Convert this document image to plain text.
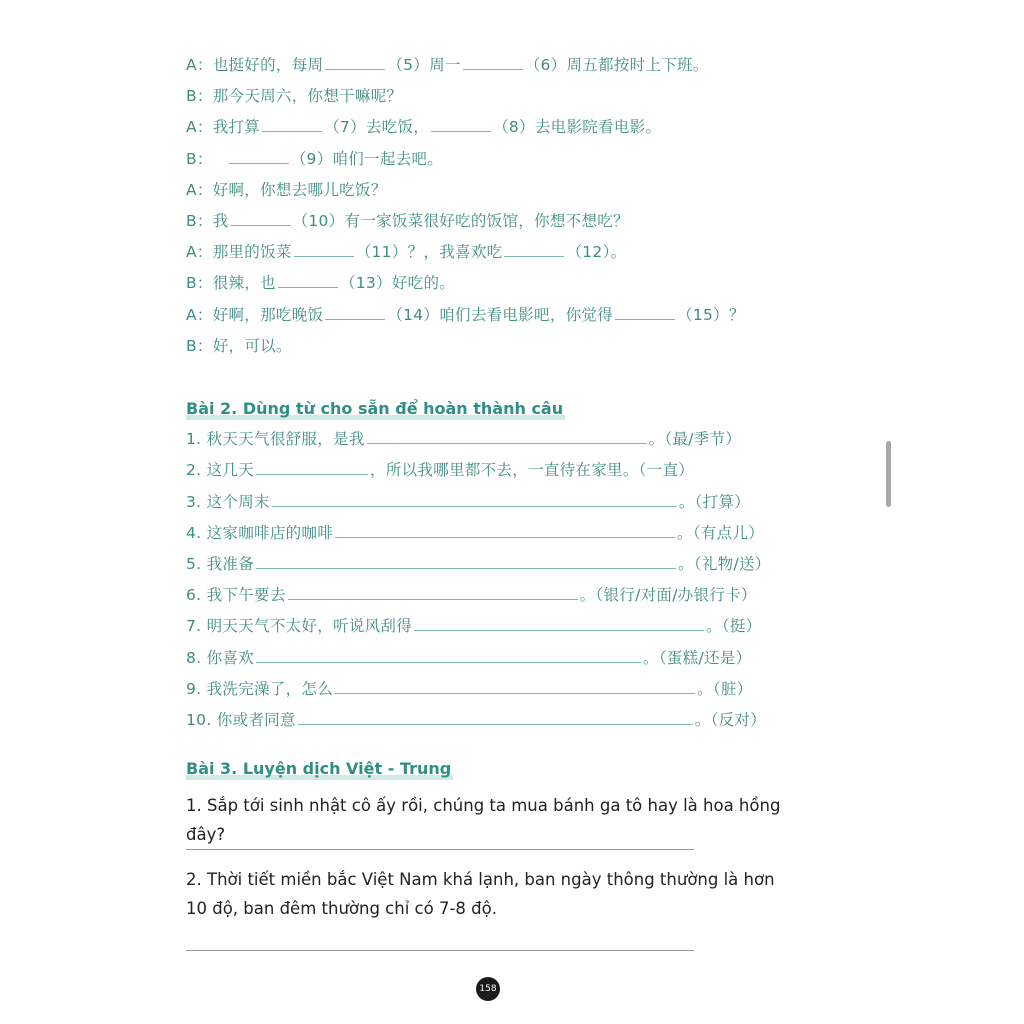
A：也挺好的，每周	（5）周一	（6）周五都按时上下班。
B：那今天周六，你想干嘛呢？
A：我打算	（7）去吃饭，	（8）去电影院看电影。
B：	（9）咱们一起去吧。
A：好啊，你想去哪儿吃饭？
B：我	（10）有一家饭菜很好吃的饭馆，你想不想吃？
A：那里的饭菜	（11）？，我喜欢吃	（12）。
B：很辣，也	（13）好吃的。
A：好啊，那吃晚饭	（14）咱们去看电影吧，你觉得	（15）？
B：好，可以。
Bài 2. Dùng từ cho sẵn để hoàn thành câu
1. 秋天天气很舒服，是我	。（最/季节）
2. 这几天	，所以我哪里都不去，一直待在家里。（一直）
3. 这个周末	。（打算）
4. 这家咖啡店的咖啡	。（有点儿）
5. 我准备	。（礼物/送）
6. 我下午要去	。（银行/对面/办银行卡）
7. 明天天气不太好，听说风刮得	。（挺）
8. 你喜欢	。（蛋糕/还是）
9. 我洗完澡了，怎么	。（脏）
10. 你或者同意	。（反对）
Bài 3. Luyện dịch Việt - Trung
1. Sắp tới sinh nhật cô ấy rồi, chúng ta mua bánh ga tô hay là hoa hồng đây?
2. Thời tiết miền bắc Việt Nam khá lạnh, ban ngày thông thường là hơn 10 độ, ban đêm thường chỉ có 7-8 độ.
158
